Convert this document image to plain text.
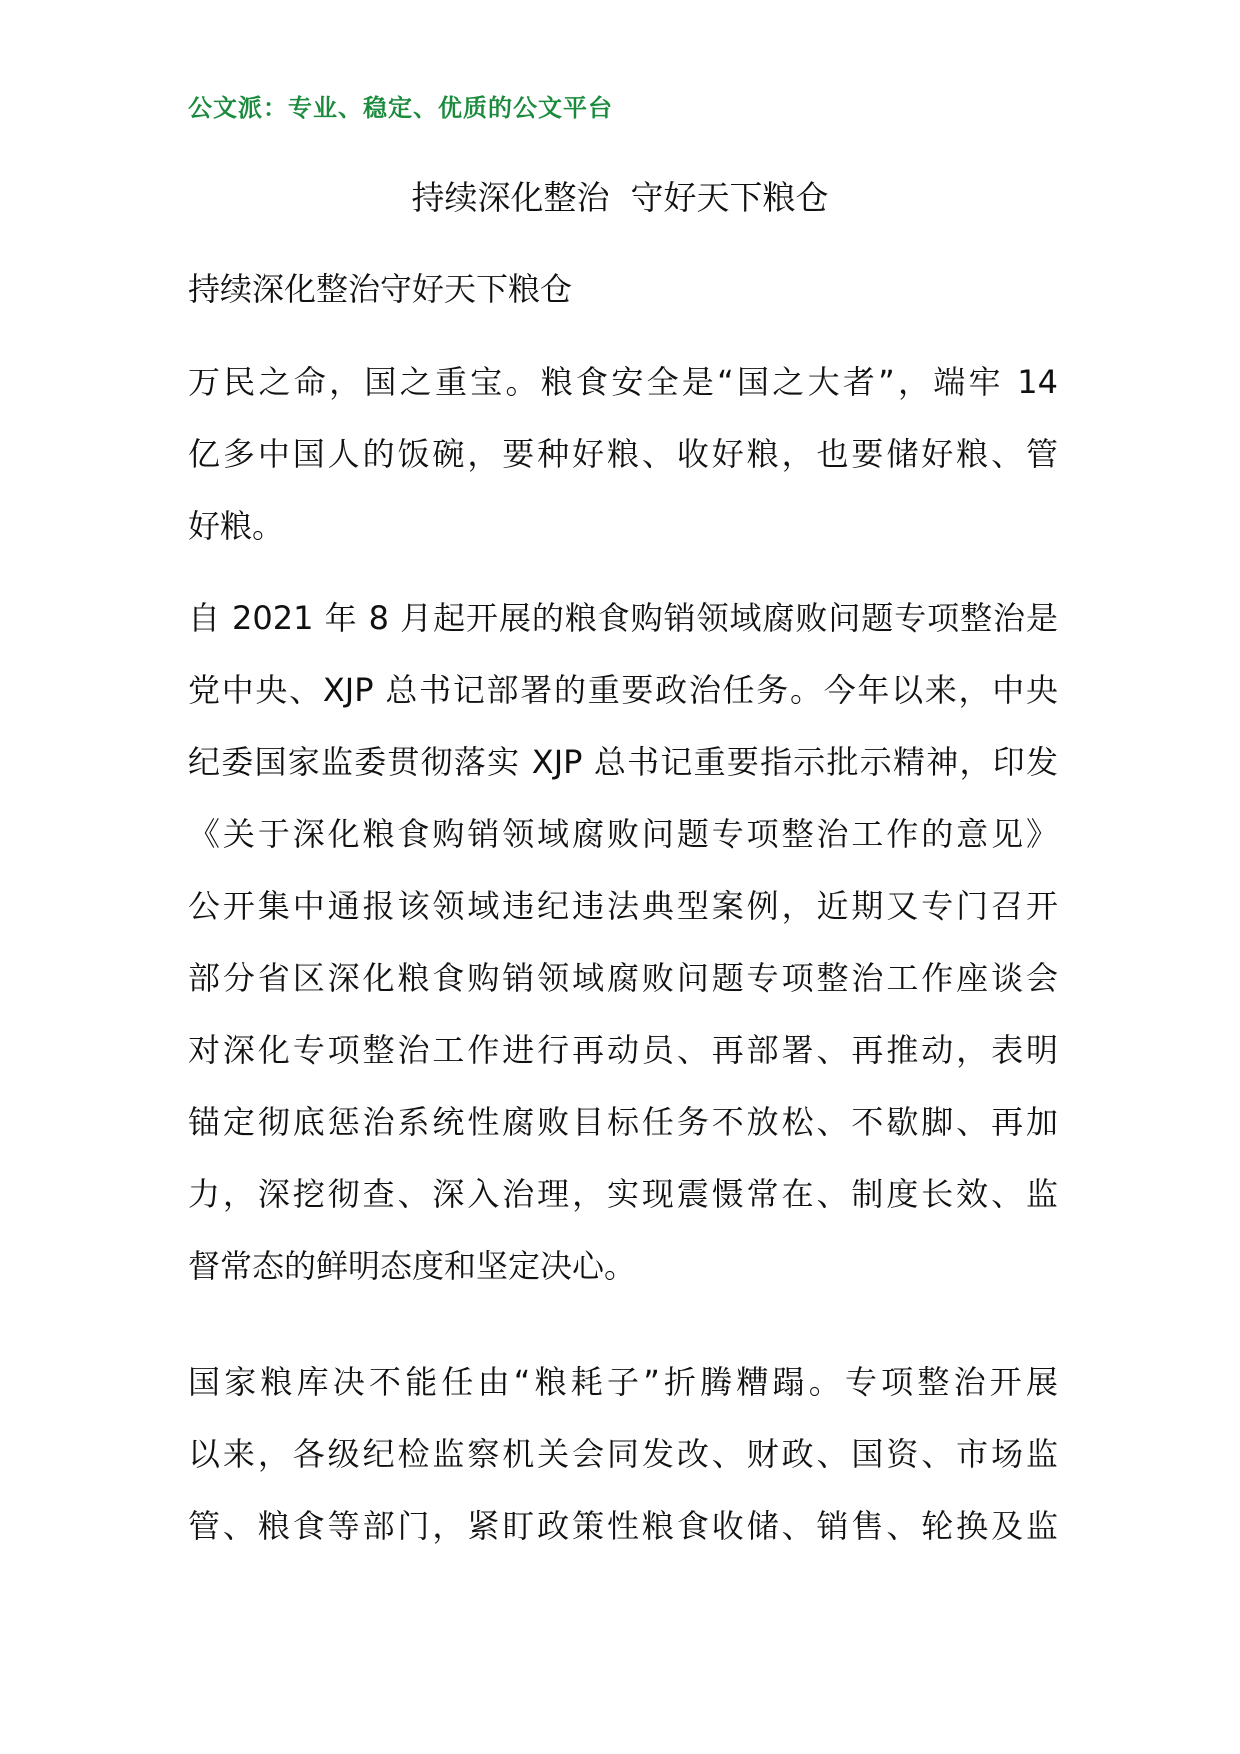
公文派：专业、稳定、优质的公文平台
持续深化整治  守好天下粮仓
持续深化整治守好天下粮仓
万民之命，国之重宝。粮食安全是“国之大者”，端牢 14
亿多中国人的饭碗，要种好粮、收好粮，也要储好粮、管
好粮。
自 2021 年 8 月起开展的粮食购销领域腐败问题专项整治是
党中央、XJP 总书记部署的重要政治任务。今年以来，中央
纪委国家监委贯彻落实 XJP 总书记重要指示批示精神，印发
《关于深化粮食购销领域腐败问题专项整治工作的意见》
公开集中通报该领域违纪违法典型案例，近期又专门召开
部分省区深化粮食购销领域腐败问题专项整治工作座谈会
对深化专项整治工作进行再动员、再部署、再推动，表明
锚定彻底惩治系统性腐败目标任务不放松、不歇脚、再加
力，深挖彻查、深入治理，实现震慑常在、制度长效、监
督常态的鲜明态度和坚定决心。
国家粮库决不能任由“粮耗子”折腾糟蹋。专项整治开展
以来，各级纪检监察机关会同发改、财政、国资、市场监
管、粮食等部门，紧盯政策性粮食收储、销售、轮换及监
